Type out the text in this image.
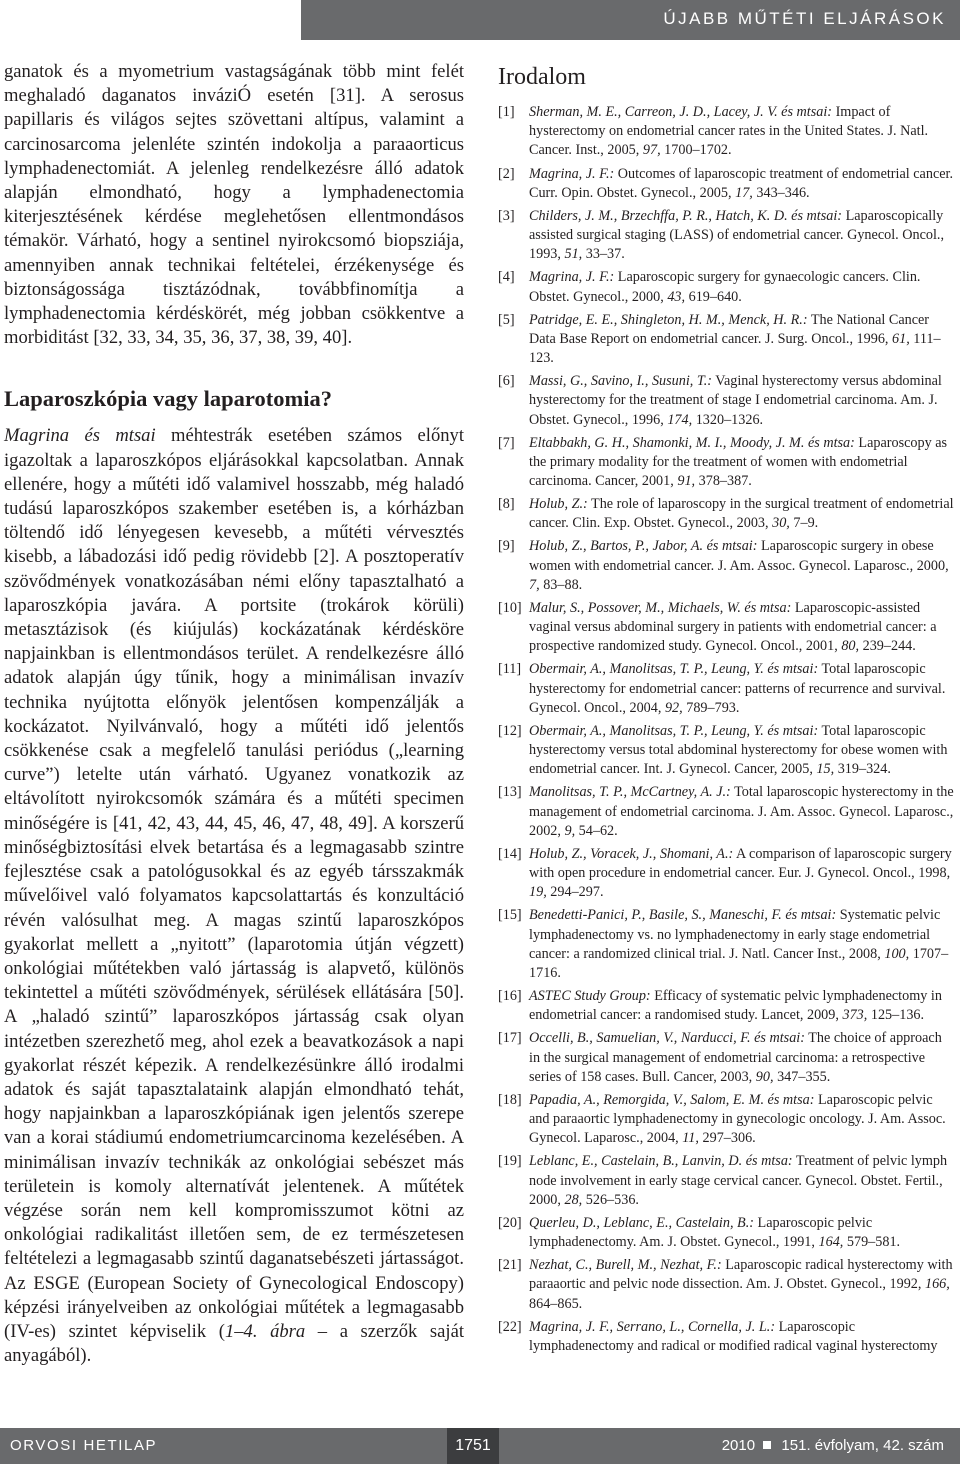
ÚJABB MŰTÉTI ELJÁRÁSOK

ganatok és a myometrium vastagságának több mint felét meghaladó daganatos inváziÓ esetén [31]. A serosus papillaris és világos sejtes szövettani altípus, valamint a carcinosarcoma jelenléte szintén indokolja a paraaorticus lymphadenectomiát. A jelenleg rendelkezésre álló adatok alapján elmondható, hogy a lymphadenectomia kiterjesztésének kérdése meglehetősen ellentmondásos témakör. Várható, hogy a sentinel nyirokcsomó biopsziája, amennyiben annak technikai feltételei, érzékenysége és biztonságossága tisztázódnak, továbbfinomítja a lymphadenectomia kérdéskörét, még jobban csökkentve a morbiditást [32, 33, 34, 35, 36, 37, 38, 39, 40].

Laparoszkópia vagy laparotomia?

Magrina és mtsai méhtestrák esetében számos előnyt igazoltak a laparoszkópos eljárásokkal kapcsolatban. Annak ellenére, hogy a műtéti idő valamivel hosszabb, még haladó tudású laparoszkópos szakember esetében is, a kórházban töltendő idő lényegesen kevesebb, a műtéti vérvesztés kisebb, a lábadozási idő pedig rövidebb [2]. A posztoperatív szövődmények vonatkozásában némi előny tapasztalható a laparoszkópia javára. A portsite (trokárok körüli) metasztázisok (és kiújulás) kockázatának kérdésköre napjainkban is ellentmondásos terület. A rendelkezésre álló adatok alapján úgy tűnik, hogy a minimálisan invazív technika nyújtotta előnyök jelentősen kompenzálják a kockázatot. Nyilvánvaló, hogy a műtéti idő jelentős csökkenése csak a megfelelő tanulási periódus („learning curve”) letelte után várható. Ugyanez vonatkozik az eltávolított nyirokcsomók számára és a műtéti specimen minőségére is [41, 42, 43, 44, 45, 46, 47, 48, 49]. A korszerű minőségbiztosítási elvek betartása és a legmagasabb szintre fejlesztése csak a patológusokkal és az egyéb társszakmák művelőivel való folyamatos kapcsolattartás és konzultáció révén valósulhat meg. A magas szintű laparoszkópos gyakorlat mellett a „nyitott” (laparotomia útján végzett) onkológiai műtétekben való jártasság is alapvető, különös tekintettel a műtéti szövődmények, sérülések ellátására [50]. A „haladó szintű” laparoszkópos jártasság csak olyan intézetben szerezhető meg, ahol ezek a beavatkozások a napi gyakorlat részét képezik. A rendelkezésünkre álló irodalmi adatok és saját tapasztalataink alapján elmondható tehát, hogy napjainkban a laparoszkópiának igen jelentős szerepe van a korai stádiumú endometriumcarcinoma kezelésében. A minimálisan invazív technikák az onkológiai sebészet más területein is komoly alternatívát jelentenek. A műtétek végzése során nem kell kompromisszumot kötni az onkológiai radikalitást illetően sem, de ez természetesen feltételezi a legmagasabb szintű daganatsebészeti jártasságot. Az ESGE (European Society of Gynecological Endoscopy) képzési irányelveiben az onkológiai műtétek a legmagasabb (IV-es) szintet képviselik (1–4. ábra – a szerzők saját anyagából).

Irodalom
[1] Sherman, M. E., Carreon, J. D., Lacey, J. V. és mtsai: Impact of hysterectomy on endometrial cancer rates in the United States. J. Natl. Cancer. Inst., 2005, 97, 1700–1702.
[2] Magrina, J. F.: Outcomes of laparoscopic treatment of endometrial cancer. Curr. Opin. Obstet. Gynecol., 2005, 17, 343–346.
[3] Childers, J. M., Brzechffa, P. R., Hatch, K. D. és mtsai: Laparoscopically assisted surgical staging (LASS) of endometrial cancer. Gynecol. Oncol., 1993, 51, 33–37.
[4] Magrina, J. F.: Laparoscopic surgery for gynaecologic cancers. Clin. Obstet. Gynecol., 2000, 43, 619–640.
[5] Patridge, E. E., Shingleton, H. M., Menck, H. R.: The National Cancer Data Base Report on endometrial cancer. J. Surg. Oncol., 1996, 61, 111–123.
[6] Massi, G., Savino, I., Susuni, T.: Vaginal hysterectomy versus abdominal hysterectomy for the treatment of stage I endometrial carcinoma. Am. J. Obstet. Gynecol., 1996, 174, 1320–1326.
[7] Eltabbakh, G. H., Shamonki, M. I., Moody, J. M. és mtsa: Laparoscopy as the primary modality for the treatment of women with endometrial carcinoma. Cancer, 2001, 91, 378–387.
[8] Holub, Z.: The role of laparoscopy in the surgical treatment of endometrial cancer. Clin. Exp. Obstet. Gynecol., 2003, 30, 7–9.
[9] Holub, Z., Bartos, P., Jabor, A. és mtsai: Laparoscopic surgery in obese women with endometrial cancer. J. Am. Assoc. Gynecol. Laparosc., 2000, 7, 83–88.
[10] Malur, S., Possover, M., Michaels, W. és mtsa: Laparoscopic-assisted vaginal versus abdominal surgery in patients with endometrial cancer: a prospective randomized study. Gynecol. Oncol., 2001, 80, 239–244.
[11] Obermair, A., Manolitsas, T. P., Leung, Y. és mtsai: Total laparoscopic hysterectomy for endometrial cancer: patterns of recurrence and survival. Gynecol. Oncol., 2004, 92, 789–793.
[12] Obermair, A., Manolitsas, T. P., Leung, Y. és mtsai: Total laparoscopic hysterectomy versus total abdominal hysterectomy for obese women with endometrial cancer. Int. J. Gynecol. Cancer, 2005, 15, 319–324.
[13] Manolitsas, T. P., McCartney, A. J.: Total laparoscopic hysterectomy in the management of endometrial carcinoma. J. Am. Assoc. Gynecol. Laparosc., 2002, 9, 54–62.
[14] Holub, Z., Voracek, J., Shomani, A.: A comparison of laparoscopic surgery with open procedure in endometrial cancer. Eur. J. Gynecol. Oncol., 1998, 19, 294–297.
[15] Benedetti-Panici, P., Basile, S., Maneschi, F. és mtsai: Systematic pelvic lymphadenectomy vs. no lymphadenectomy in early stage endometrial cancer: a randomized clinical trial. J. Natl. Cancer Inst., 2008, 100, 1707–1716.
[16] ASTEC Study Group: Efficacy of systematic pelvic lymphadenectomy in endometrial cancer: a randomised study. Lancet, 2009, 373, 125–136.
[17] Occelli, B., Samuelian, V., Narducci, F. és mtsai: The choice of approach in the surgical management of endometrial carcinoma: a retrospective series of 158 cases. Bull. Cancer, 2003, 90, 347–355.
[18] Papadia, A., Remorgida, V., Salom, E. M. és mtsa: Laparoscopic pelvic and paraaortic lymphadenectomy in gynecologic oncology. J. Am. Assoc. Gynecol. Laparosc., 2004, 11, 297–306.
[19] Leblanc, E., Castelain, B., Lanvin, D. és mtsa: Treatment of pelvic lymph node involvement in early stage cervical cancer. Gynecol. Obstet. Fertil., 2000, 28, 526–536.
[20] Querleu, D., Leblanc, E., Castelain, B.: Laparoscopic pelvic lymphadenectomy. Am. J. Obstet. Gynecol., 1991, 164, 579–581.
[21] Nezhat, C., Burell, M., Nezhat, F.: Laparoscopic radical hysterectomy with paraaortic and pelvic node dissection. Am. J. Obstet. Gynecol., 1992, 166, 864–865.
[22] Magrina, J. F., Serrano, L., Cornella, J. L.: Laparoscopic lymphadenectomy and radical or modified radical vaginal hysterectomy
ORVOSI HETILAP	1751	2010 151. évfolyam, 42. szám
